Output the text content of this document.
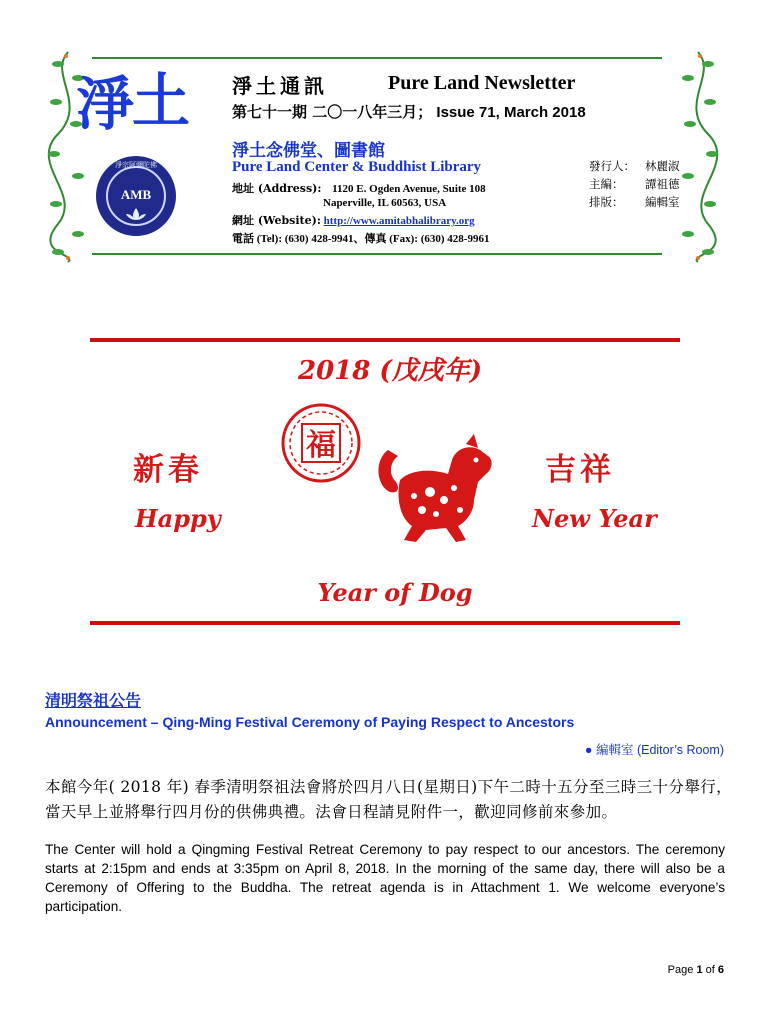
淨
土
淨宗阿彌陀佛
AMB
淨土通訊	Pure Land Newsletter
第七十一期 二〇一八年三月； Issue 71, March 2018
淨土念佛堂、圖書館
Pure Land Center & Buddhist Library
地址 (Address): 1120 E. Ogden Avenue, Suite 108
Naperville, IL 60563, USA
網址 (Website): http://www.amitabhalibrary.org
電話 (Tel): (630) 428-9941、傳真 (Fax): (630) 428-9961
發行人： 林麗淑
主編： 譚祖德
排版： 編輯室
2018 (戊戌年)
福
新春	吉祥
Happy	New Year
Year of Dog
清明祭祖公告
Announcement – Qing-Ming Festival Ceremony of Paying Respect to Ancestors
● 編輯室 (Editor’s Room)
本館今年( 2018 年) 春季清明祭祖法會將於四月八日(星期日)下午二時十五分至三時三十分舉行，當天早上並將舉行四月份的供佛典禮。法會日程請見附件一，歡迎同修前來參加。
The Center will hold a Qingming Festival Retreat Ceremony to pay respect to our ancestors. The ceremony starts at 2:15pm and ends at 3:35pm on April 8, 2018. In the morning of the same day, there will also be a Ceremony of Offering to the Buddha. The retreat agenda is in Attachment 1. We welcome everyone’s participation.
Page 1 of 6
